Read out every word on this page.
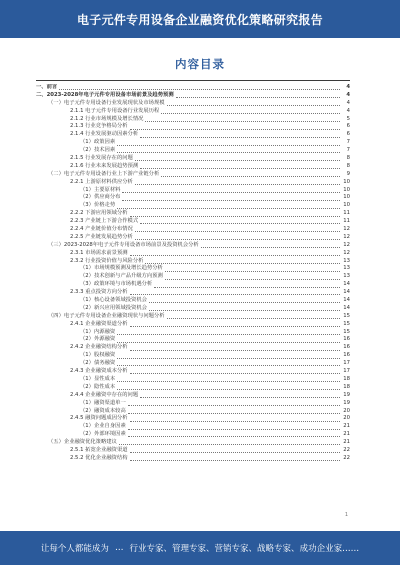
电子元件专用设备企业融资优化策略研究报告
内容目录
一、前言	4
二、2023-2028年电子元件专用设备市场前景及趋势预测	4
（一）电子元件专用设备行业发展现状及市场规模	4
2.1.1 电子元件专用设备行业发展历程	4
2.1.2 行业市场规模及增长情况	5
2.1.3 行业竞争格局分析	6
2.1.4 行业发展驱动因素分析	6
（1）政策因素	7
（2）技术因素	7
2.1.5 行业发展存在的问题	8
2.1.6 行业未来发展趋势预测	8
（二）电子元件专用设备行业上下游产业链分析	9
2.2.1 上游原材料供应分析	10
（1）主要原材料	10
（2）供应商分布	10
（3）价格走势	10
2.2.2 下游应用领域分析	11
2.2.3 产业链上下游合作模式	11
2.2.4 产业链价值分布情况	12
2.2.5 产业链发展趋势分析	12
（三）2023-2028年电子元件专用设备市场前景及投资机会分析	12
2.3.1 市场需求前景预测	12
2.3.2 行业投资价值与风险分析	13
（1）市场规模预测及增长趋势分析	13
（2）技术创新与产品升级方向预测	13
（3）政策环境与市场机遇分析	14
2.3.3 重点投资方向分析	14
（1）核心设备领域投资机会	14
（2）新兴应用领域投资机会	14
（四）电子元件专用设备企业融资现状与问题分析	15
2.4.1 企业融资渠道分析	15
（1）内源融资	15
（2）外源融资	16
2.4.2 企业融资结构分析	16
（1）股权融资	16
（2）债务融资	17
2.4.3 企业融资成本分析	17
（1）显性成本	18
（2）隐性成本	18
2.4.4 企业融资中存在的问题	19
（1）融资渠道单一	19
（2）融资成本较高	20
2.4.5 融资问题成因分析	20
（1）企业自身因素	21
（2）外部环境因素	21
（五）企业融资优化策略建议	21
2.5.1 拓宽企业融资渠道	22
2.5.2 优化企业融资结构	22
1
让每个人都能成为 … 行业专家 、 管理专家 、 营销专家 、 战略专家 、 成功企业家……
